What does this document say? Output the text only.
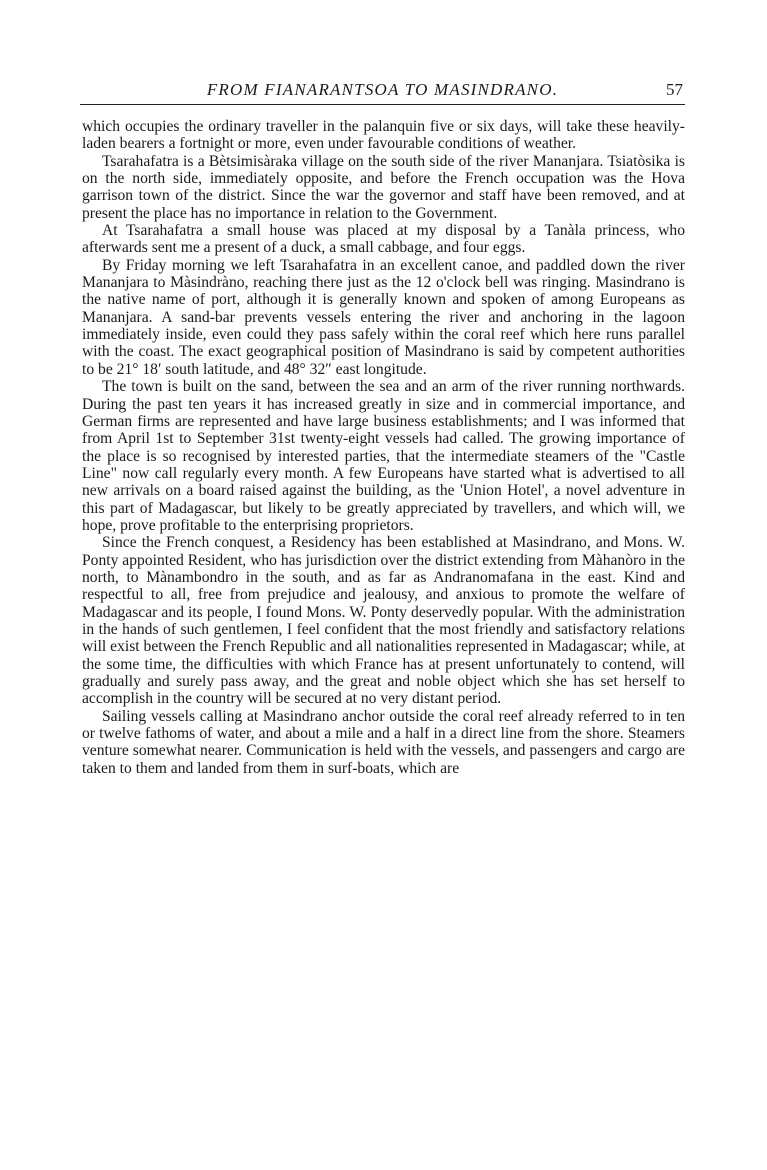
FROM FIANARANTSOA TO MASINDRANO.	57

which occupies the ordinary traveller in the palanquin five or six days, will take these heavily-laden bearers a fortnight or more, even under favourable conditions of weather.

Tsarahafatra is a Bètsimisàraka village on the south side of the river Mananjara. Tsiatòsika is on the north side, immediately opposite, and before the French occupation was the Hova garrison town of the district. Since the war the governor and staff have been removed, and at present the place has no importance in relation to the Government.

At Tsarahafatra a small house was placed at my disposal by a Tanàla princess, who afterwards sent me a present of a duck, a small cabbage, and four eggs.

By Friday morning we left Tsarahafatra in an excellent canoe, and paddled down the river Mananjara to Màsindràno, reaching there just as the 12 o'clock bell was ringing. Masindrano is the native name of port, although it is generally known and spoken of among Europeans as Mananjara. A sand-bar prevents vessels entering the river and anchoring in the lagoon immediately inside, even could they pass safely within the coral reef which here runs parallel with the coast. The exact geographical position of Masindrano is said by competent authorities to be 21° 18′ south latitude, and 48° 32″ east longitude.

The town is built on the sand, between the sea and an arm of the river running northwards. During the past ten years it has increased greatly in size and in commercial importance, and German firms are represented and have large business establishments; and I was informed that from April 1st to September 31st twenty-eight vessels had called. The growing importance of the place is so recognised by interested parties, that the intermediate steamers of the "Castle Line" now call regularly every month. A few Europeans have started what is advertised to all new arrivals on a board raised against the building, as the 'Union Hotel', a novel adventure in this part of Madagascar, but likely to be greatly appreciated by travellers, and which will, we hope, prove profitable to the enterprising proprietors.

Since the French conquest, a Residency has been established at Masindrano, and Mons. W. Ponty appointed Resident, who has jurisdiction over the district extending from Màhanòro in the north, to Mànambondro in the south, and as far as Andranomafana in the east. Kind and respectful to all, free from prejudice and jealousy, and anxious to promote the welfare of Madagascar and its people, I found Mons. W. Ponty deservedly popular. With the administration in the hands of such gentlemen, I feel confident that the most friendly and satisfactory relations will exist between the French Republic and all nationalities represented in Madagascar; while, at the some time, the difficulties with which France has at present unfortunately to contend, will gradually and surely pass away, and the great and noble object which she has set herself to accomplish in the country will be secured at no very distant period.

Sailing vessels calling at Masindrano anchor outside the coral reef already referred to in ten or twelve fathoms of water, and about a mile and a half in a direct line from the shore. Steamers venture somewhat nearer. Communication is held with the vessels, and passengers and cargo are taken to them and landed from them in surf-boats, which are
